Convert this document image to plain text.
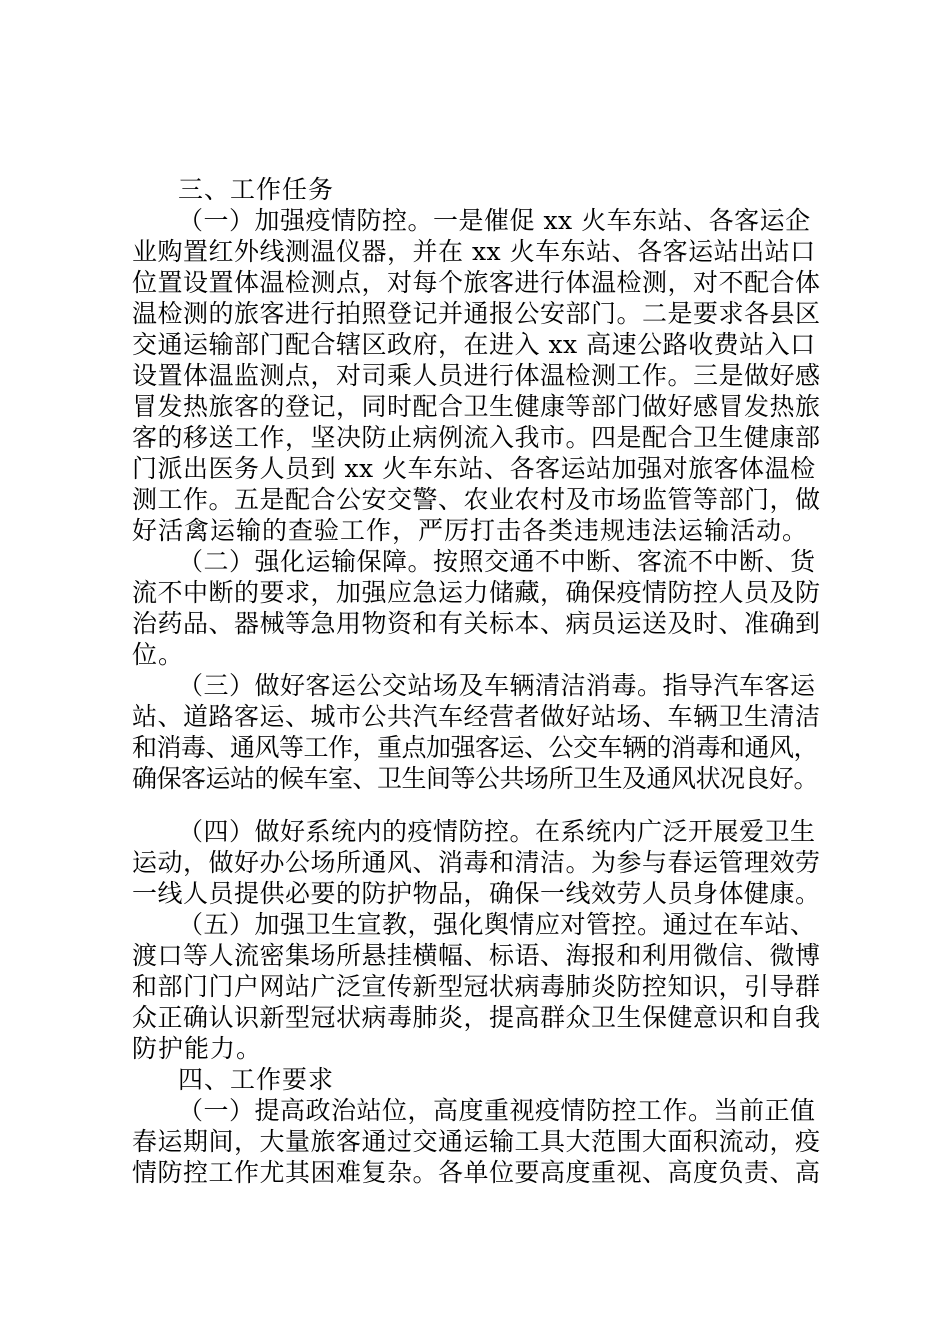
三、工作任务
（一）加强疫情防控。一是催促 xx 火车东站、各客运企
业购置红外线测温仪器，并在 xx 火车东站、各客运站出站口
位置设置体温检测点，对每个旅客进行体温检测，对不配合体
温检测的旅客进行拍照登记并通报公安部门。二是要求各县区
交通运输部门配合辖区政府，在进入 xx 高速公路收费站入口
设置体温监测点，对司乘人员进行体温检测工作。三是做好感
冒发热旅客的登记，同时配合卫生健康等部门做好感冒发热旅
客的移送工作，坚决防止病例流入我市。四是配合卫生健康部
门派出医务人员到 xx 火车东站、各客运站加强对旅客体温检
测工作。五是配合公安交警、农业农村及市场监管等部门，做
好活禽运输的查验工作，严厉打击各类违规违法运输活动。
（二）强化运输保障。按照交通不中断、客流不中断、货
流不中断的要求，加强应急运力储藏，确保疫情防控人员及防
治药品、器械等急用物资和有关标本、病员运送及时、准确到
位。
（三）做好客运公交站场及车辆清洁消毒。指导汽车客运
站、道路客运、城市公共汽车经营者做好站场、车辆卫生清洁
和消毒、通风等工作，重点加强客运、公交车辆的消毒和通风，
确保客运站的候车室、卫生间等公共场所卫生及通风状况良好。
（四）做好系统内的疫情防控。在系统内广泛开展爱卫生
运动，做好办公场所通风、消毒和清洁。为参与春运管理效劳
一线人员提供必要的防护物品，确保一线效劳人员身体健康。
（五）加强卫生宣教，强化舆情应对管控。通过在车站、
渡口等人流密集场所悬挂横幅、标语、海报和利用微信、微博
和部门门户网站广泛宣传新型冠状病毒肺炎防控知识，引导群
众正确认识新型冠状病毒肺炎，提高群众卫生保健意识和自我
防护能力。
四、工作要求
（一）提高政治站位，高度重视疫情防控工作。当前正值
春运期间，大量旅客通过交通运输工具大范围大面积流动，疫
情防控工作尤其困难复杂。各单位要高度重视、高度负责、高
